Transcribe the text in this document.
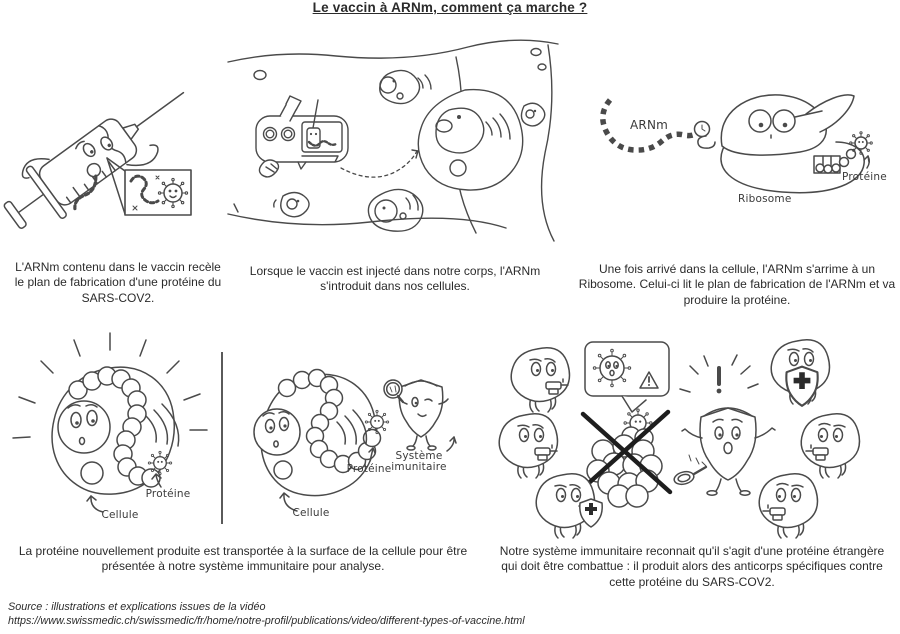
Le vaccin à ARNm, comment ça marche ?
ARNm
Ribosome
Protéine
L'ARNm contenu dans le vaccin recèle le plan de fabrication d'une protéine du SARS-COV2.
Lorsque le vaccin est injecté dans notre corps, l'ARNm s'introduit dans nos cellules.
Une fois arrivé dans la cellule, l'ARNm s'arrime à un Ribosome. Celui-ci lit le plan de fabrication de l'ARNm et va produire la protéine.
Protéine
Cellule
Protéine
Système imunitaire
Cellule
La protéine nouvellement produite est transportée à la surface de la cellule pour être présentée à notre système immunitaire pour analyse.
Notre système immunitaire reconnait qu'il s'agit d'une protéine étrangère qui doit être combattue : il produit alors des anticorps spécifiques contre cette protéine du SARS-COV2.
Source : illustrations et explications issues de la vidéo
https://www.swissmedic.ch/swissmedic/fr/home/notre-profil/publications/video/different-types-of-vaccine.html
